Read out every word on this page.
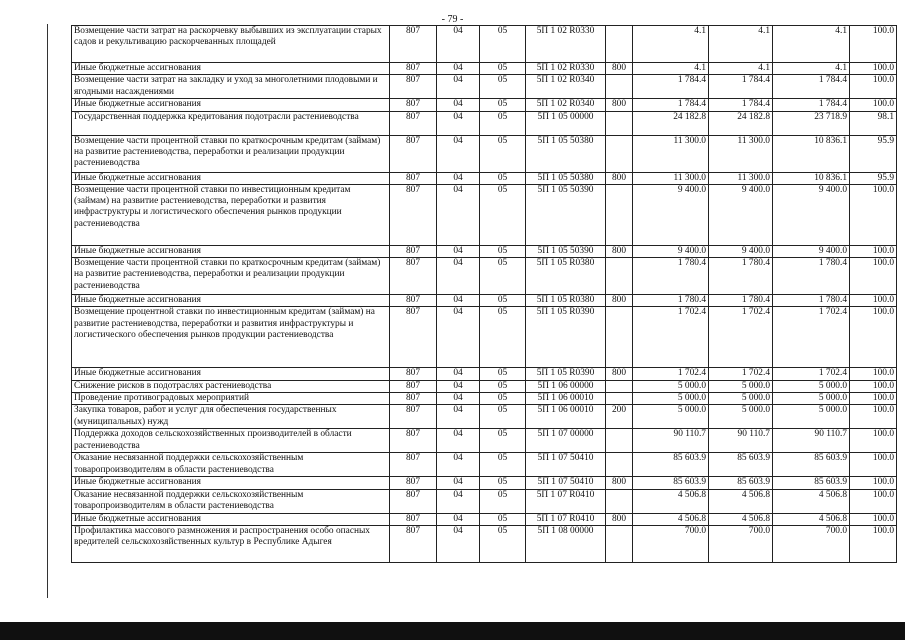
- 79 -
Возмещение части затрат на раскорчевку выбывших из эксплуатации старых садов и рекультивацию раскорчеванных площадей	807	04	05	5П 1 02 R0330		4.1	4.1	4.1	100.0
Иные бюджетные ассигнования	807	04	05	5П 1 02 R0330	800	4.1	4.1	4.1	100.0
Возмещение части затрат на закладку и уход за многолетними плодовыми и ягодными насаждениями	807	04	05	5П 1 02 R0340		1 784.4	1 784.4	1 784.4	100.0
Иные бюджетные ассигнования	807	04	05	5П 1 02 R0340	800	1 784.4	1 784.4	1 784.4	100.0
Государственная поддержка кредитования подотрасли растениеводства	807	04	05	5П 1 05 00000		24 182.8	24 182.8	23 718.9	98.1
Возмещение части процентной ставки по краткосрочным кредитам (займам) на развитие растениеводства, переработки и реализации продукции растениеводства	807	04	05	5П 1 05 50380		11 300.0	11 300.0	10 836.1	95.9
Иные бюджетные ассигнования	807	04	05	5П 1 05 50380	800	11 300.0	11 300.0	10 836.1	95.9
Возмещение части процентной ставки по инвестиционным кредитам (займам) на развитие растениеводства, переработки и развития инфраструктуры и логистического обеспечения рынков продукции растениеводства	807	04	05	5П 1 05 50390		9 400.0	9 400.0	9 400.0	100.0
Иные бюджетные ассигнования	807	04	05	5П 1 05 50390	800	9 400.0	9 400.0	9 400.0	100.0
Возмещение части процентной ставки по краткосрочным кредитам (займам) на развитие растениеводства, переработки и реализации продукции растениеводства	807	04	05	5П 1 05 R0380		1 780.4	1 780.4	1 780.4	100.0
Иные бюджетные ассигнования	807	04	05	5П 1 05 R0380	800	1 780.4	1 780.4	1 780.4	100.0
Возмещение процентной ставки по инвестиционным кредитам (займам) на развитие растениеводства, переработки и развития инфраструктуры и логистического обеспечения рынков продукции растениеводства	807	04	05	5П 1 05 R0390		1 702.4	1 702.4	1 702.4	100.0
Иные бюджетные ассигнования	807	04	05	5П 1 05 R0390	800	1 702.4	1 702.4	1 702.4	100.0
Снижение рисков в подотраслях растениеводства	807	04	05	5П 1 06 00000		5 000.0	5 000.0	5 000.0	100.0
Проведение противоградовых мероприятий	807	04	05	5П 1 06 00010		5 000.0	5 000.0	5 000.0	100.0
Закупка товаров, работ и услуг для обеспечения государственных (муниципальных) нужд	807	04	05	5П 1 06 00010	200	5 000.0	5 000.0	5 000.0	100.0
Поддержка доходов сельскохозяйственных производителей в области растениеводства	807	04	05	5П 1 07 00000		90 110.7	90 110.7	90 110.7	100.0
Оказание несвязанной поддержки сельскохозяйственным товаропроизводителям в области растениеводства	807	04	05	5П 1 07 50410		85 603.9	85 603.9	85 603.9	100.0
Иные бюджетные ассигнования	807	04	05	5П 1 07 50410	800	85 603.9	85 603.9	85 603.9	100.0
Оказание несвязанной поддержки сельскохозяйственным товаропроизводителям в области растениеводства	807	04	05	5П 1 07 R0410		4 506.8	4 506.8	4 506.8	100.0
Иные бюджетные ассигнования	807	04	05	5П 1 07 R0410	800	4 506.8	4 506.8	4 506.8	100.0
Профилактика массового размножения и распространения особо опасных вредителей сельскохозяйственных культур в Республике Адыгея	807	04	05	5П 1 08 00000		700.0	700.0	700.0	100.0
